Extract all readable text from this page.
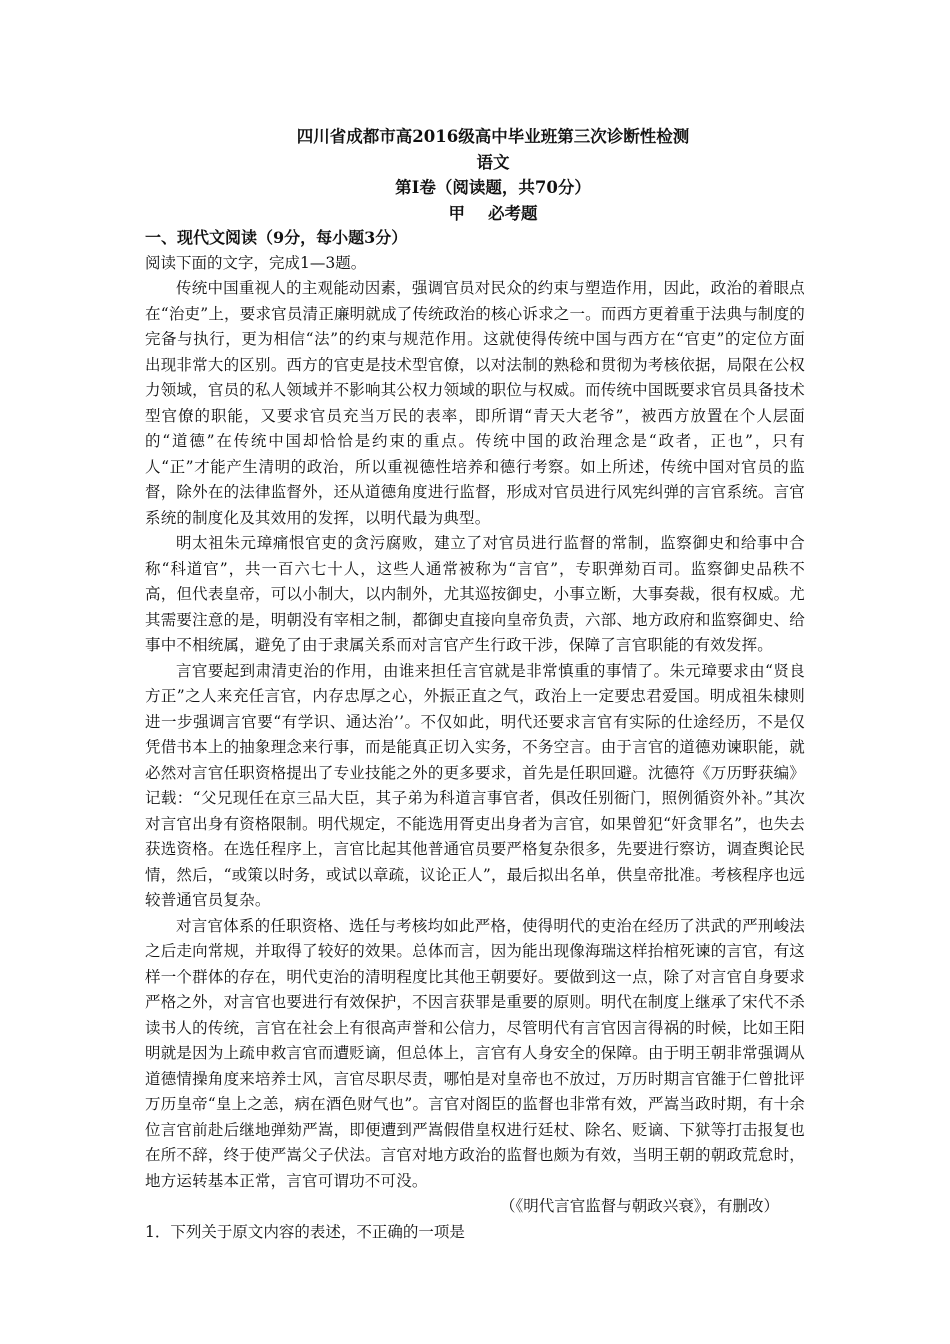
四川省成都市高2016级高中毕业班第三次诊断性检测

语文

第Ⅰ卷（阅读题，共70分）

甲    必考题

一、现代文阅读（9分，每小题3分）

阅读下面的文字，完成1—3题。

传统中国重视人的主观能动因素，强调官员对民众的约束与塑造作用，因此，政治的着眼点在“治吏”上，要求官员清正廉明就成了传统政治的核心诉求之一。而西方更着重于法典与制度的完备与执行，更为相信“法”的约束与规范作用。这就使得传统中国与西方在“官吏”的定位方面出现非常大的区别。西方的官吏是技术型官僚，以对法制的熟稔和贯彻为考核依据，局限在公权力领域，官员的私人领域并不影响其公权力领域的职位与权威。而传统中国既要求官员具备技术型官僚的职能，又要求官员充当万民的表率，即所谓“青天大老爷”，被西方放置在个人层面的“道德”在传统中国却恰恰是约束的重点。传统中国的政治理念是“政者，正也”，只有人“正”才能产生清明的政治，所以重视德性培养和德行考察。如上所述，传统中国对官员的监督，除外在的法律监督外，还从道德角度进行监督，形成对官员进行风宪纠弹的言官系统。言官系统的制度化及其效用的发挥，以明代最为典型。

明太祖朱元璋痛恨官吏的贪污腐败，建立了对官员进行监督的常制，监察御史和给事中合称“科道官”，共一百六七十人，这些人通常被称为“言官”，专职弹劾百司。监察御史品秩不高，但代表皇帝，可以小制大，以内制外，尤其巡按御史，小事立断，大事奏裁，很有权威。尤其需要注意的是，明朝没有宰相之制，都御史直接向皇帝负责，六部、地方政府和监察御史、给事中不相统属，避免了由于隶属关系而对言官产生行政干涉，保障了言官职能的有效发挥。

言官要起到肃清吏治的作用，由谁来担任言官就是非常慎重的事情了。朱元璋要求由“贤良方正”之人来充任言官，内存忠厚之心，外振正直之气，政治上一定要忠君爱国。明成祖朱棣则进一步强调言官要“有学识、通达治’’。不仅如此，明代还要求言官有实际的仕途经历，不是仅凭借书本上的抽象理念来行事，而是能真正切入实务，不务空言。由于言官的道德劝谏职能，就必然对言官任职资格提出了专业技能之外的更多要求，首先是任职回避。沈德符《万历野获编》记载：“父兄现任在京三品大臣，其子弟为科道言事官者，俱改任别衙门，照例循资外补。”其次对言官出身有资格限制。明代规定，不能选用胥吏出身者为言官，如果曾犯“奸贪罪名”，也失去获选资格。在选任程序上，言官比起其他普通官员要严格复杂很多，先要进行察访，调查舆论民情，然后，“或策以时务，或试以章疏，议论正人”，最后拟出名单，供皇帝批准。考核程序也远较普通官员复杂。

对言官体系的任职资格、选任与考核均如此严格，使得明代的吏治在经历了洪武的严刑峻法之后走向常规，并取得了较好的效果。总体而言，因为能出现像海瑞这样抬棺死谏的言官，有这样一个群体的存在，明代吏治的清明程度比其他王朝要好。要做到这一点，除了对言官自身要求严格之外，对言官也要进行有效保护，不因言获罪是重要的原则。明代在制度上继承了宋代不杀读书人的传统，言官在社会上有很高声誉和公信力，尽管明代有言官因言得祸的时候，比如王阳明就是因为上疏申救言官而遭贬谪，但总体上，言官有人身安全的保障。由于明王朝非常强调从道德情操角度来培养士风，言官尽职尽责，哪怕是对皇帝也不放过，万历时期言官雒于仁曾批评万历皇帝“皇上之恙，病在酒色财气也”。言官对阁臣的监督也非常有效，严嵩当政时期，有十余位言官前赴后继地弹劾严嵩，即便遭到严嵩假借皇权进行廷杖、除名、贬谪、下狱等打击报复也在所不辞，终于使严嵩父子伏法。言官对地方政治的监督也颇为有效，当明王朝的朝政荒怠时，地方运转基本正常，言官可谓功不可没。

（《明代言官监督与朝政兴衰》，有删改）

1．下列关于原文内容的表述，不正确的一项是
